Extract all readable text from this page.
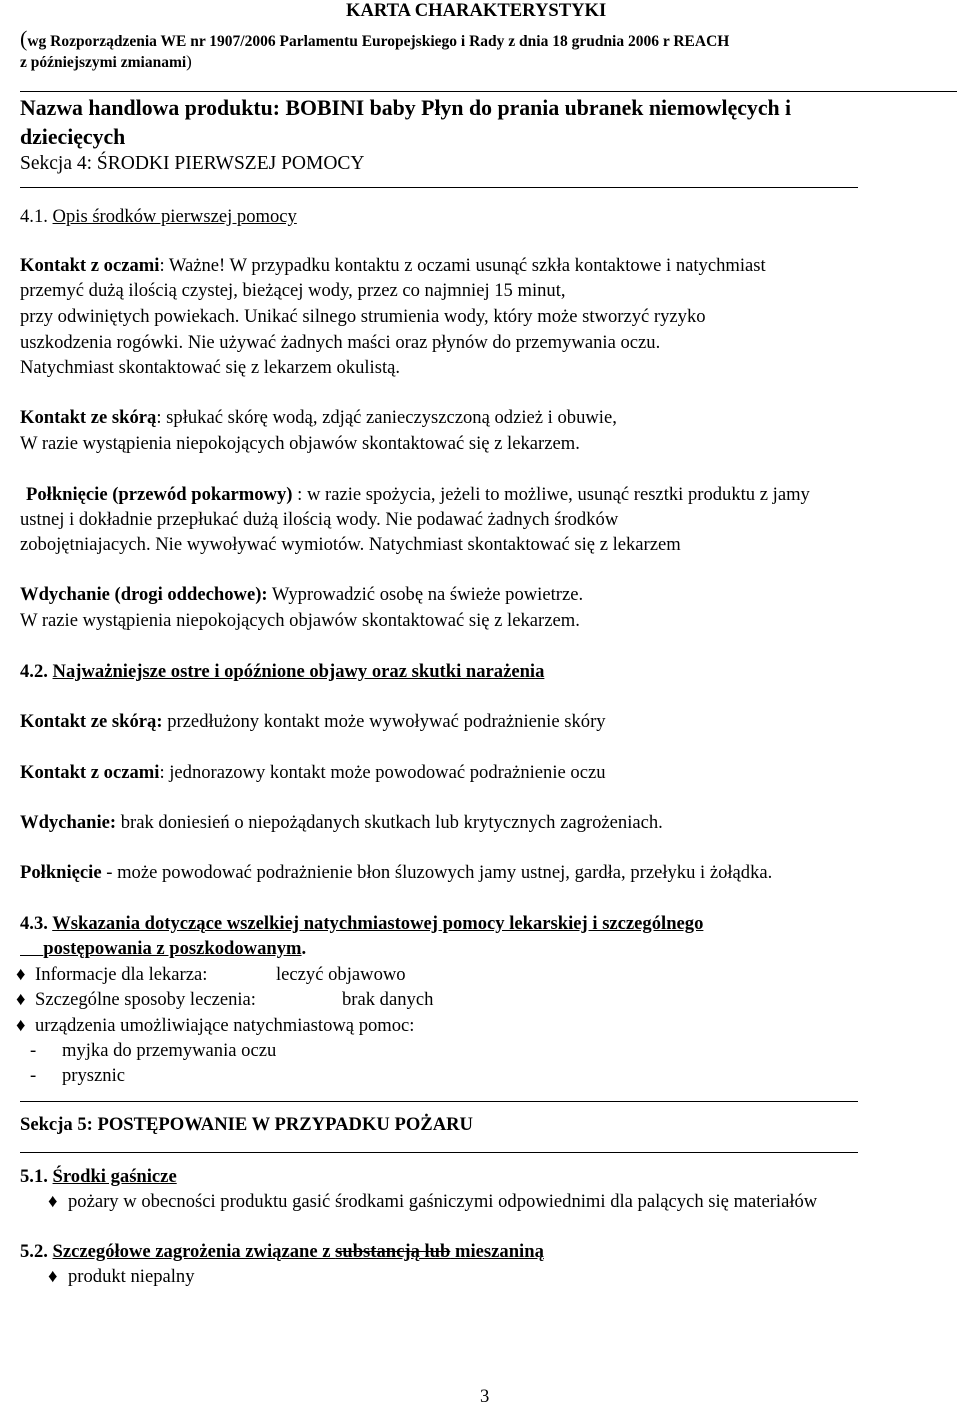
KARTA CHARAKTERYSTYKI
(wg Rozporządzenia WE nr 1907/2006 Parlamentu Europejskiego i Rady z dnia 18 grudnia 2006 r REACH
z późniejszymi zmianami)
Nazwa handlowa produktu: BOBINI baby Płyn do prania ubranek niemowlęcych i
dziecięcych
Sekcja 4: ŚRODKI PIERWSZEJ POMOCY
4.1. Opis środków pierwszej pomocy
Kontakt z oczami: Ważne! W przypadku kontaktu z oczami usunąć szkła kontaktowe i natychmiast
przemyć dużą ilością czystej, bieżącej wody, przez co najmniej 15 minut,
przy odwiniętych powiekach. Unikać silnego strumienia wody, który może stworzyć ryzyko
uszkodzenia rogówki. Nie używać żadnych maści oraz płynów do przemywania oczu.
Natychmiast skontaktować się z lekarzem okulistą.
Kontakt ze skórą: spłukać skórę wodą, zdjąć zanieczyszczoną odzież i obuwie,
W razie wystąpienia niepokojących objawów skontaktować się z lekarzem.
Połknięcie (przewód pokarmowy) : w razie spożycia, jeżeli to możliwe, usunąć resztki produktu z jamy
ustnej i dokładnie przepłukać dużą ilością wody. Nie podawać żadnych środków
zobojętniajacych. Nie wywoływać wymiotów. Natychmiast skontaktować się z lekarzem
Wdychanie (drogi oddechowe): Wyprowadzić osobę na świeże powietrze.
W razie wystąpienia niepokojących objawów skontaktować się z lekarzem.
4.2. Najważniejsze ostre i opóźnione objawy oraz skutki narażenia
Kontakt ze skórą: przedłużony kontakt może wywoływać podrażnienie skóry
Kontakt z oczami: jednorazowy kontakt może powodować podrażnienie oczu
Wdychanie: brak doniesień o niepożądanych skutkach lub krytycznych zagrożeniach.
Połknięcie - może powodować podrażnienie błon śluzowych jamy ustnej, gardła, przełyku i żołądka.
4.3. Wskazania dotyczące wszelkiej natychmiastowej pomocy lekarskiej i szczególnego
postępowania z poszkodowanym.
♦ Informacje dla lekarza:	leczyć objawowo
♦ Szczególne sposoby leczenia:	brak danych
♦ urządzenia umożliwiające natychmiastową pomoc:
- myjka do przemywania oczu
- prysznic
Sekcja 5: POSTĘPOWANIE W PRZYPADKU POŻARU
5.1. Środki gaśnicze
♦ pożary w obecności produktu gasić środkami gaśniczymi odpowiednimi dla palących się materiałów
5.2. Szczegółowe zagrożenia związane z substancją lub mieszaniną
♦ produkt niepalny
3
